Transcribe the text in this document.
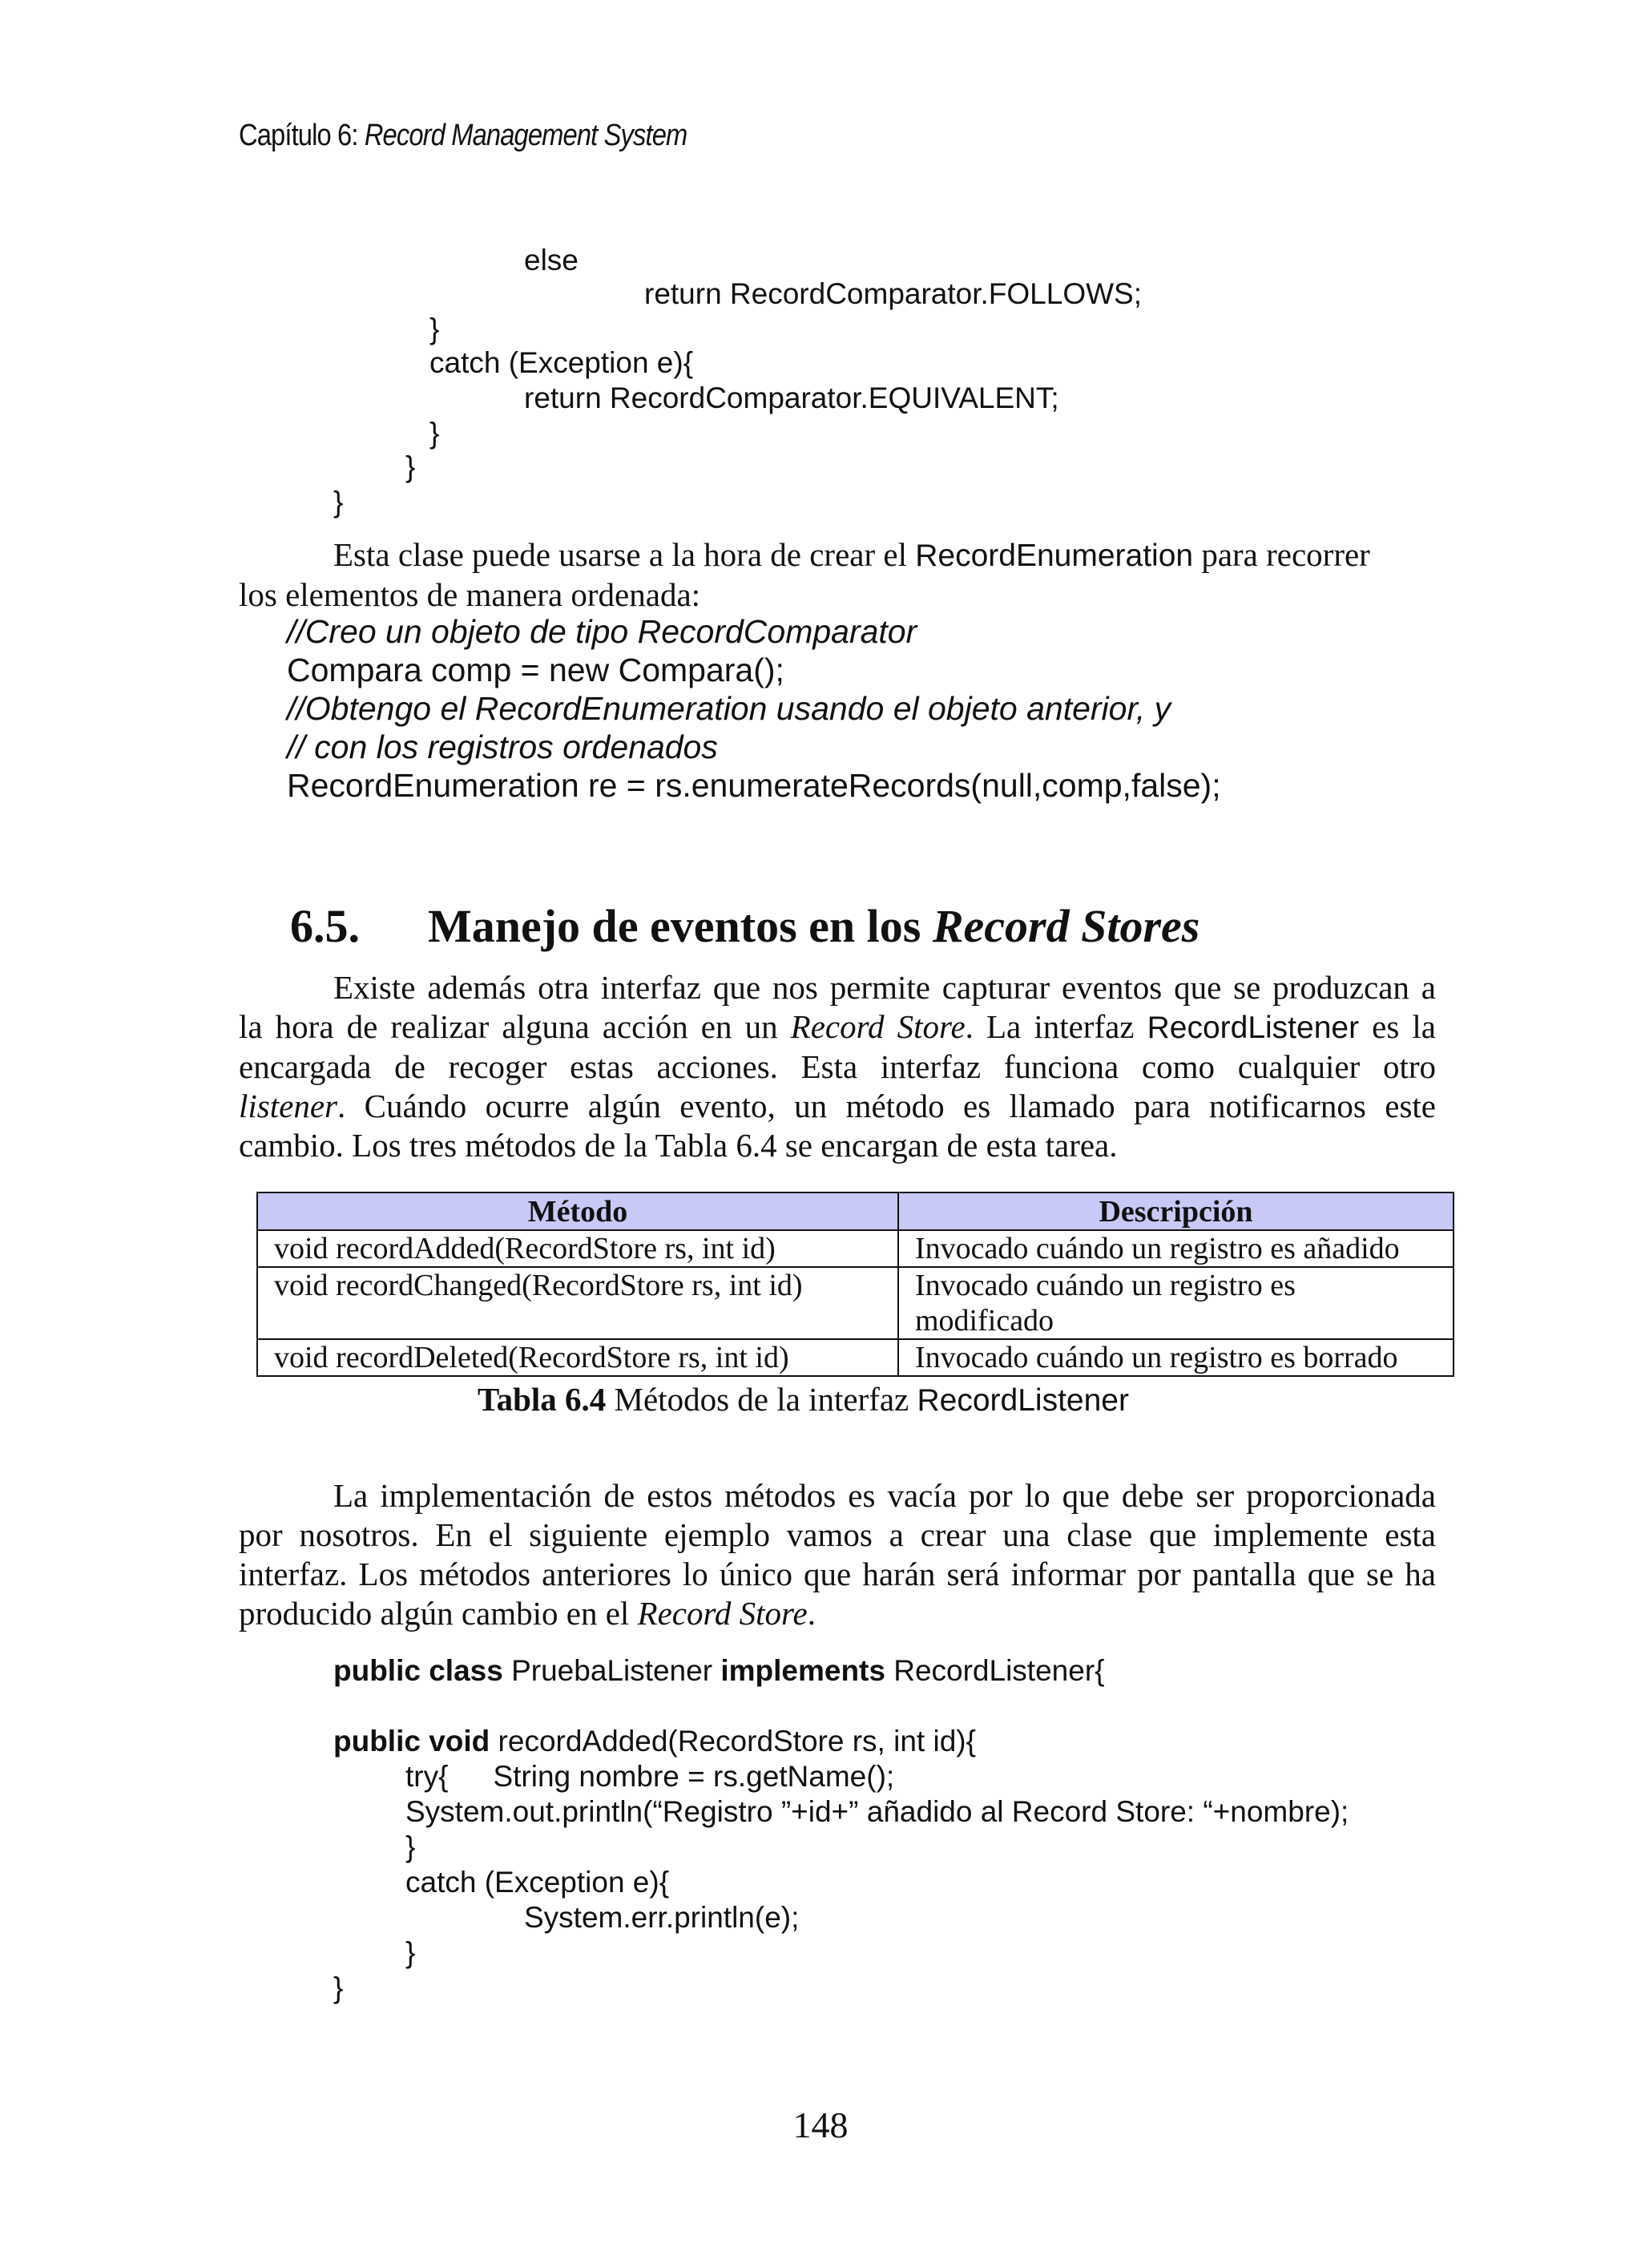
Capítulo 6: Record Management System
else
return RecordComparator.FOLLOWS;
}
catch (Exception e){
return RecordComparator.EQUIVALENT;
}
}
}
Esta clase puede usarse a la hora de crear el RecordEnumeration para recorrer
los elementos de manera ordenada:
//Creo un objeto de tipo RecordComparator
Compara comp = new Compara();
//Obtengo el RecordEnumeration usando el objeto anterior, y
// con los registros ordenados
RecordEnumeration re = rs.enumerateRecords(null,comp,false);
6.5. Manejo de eventos en los Record Stores
Existe además otra interfaz que nos permite capturar eventos que se produzcan a
la hora de realizar alguna acción en un Record Store. La interfaz RecordListener es la
encargada de recoger estas acciones. Esta interfaz funciona como cualquier otro
listener. Cuándo ocurre algún evento, un método es llamado para notificarnos este
cambio. Los tres métodos de la Tabla 6.4 se encargan de esta tarea.
Método	Descripción
void recordAdded(RecordStore rs, int id)	Invocado cuándo un registro es añadido
void recordChanged(RecordStore rs, int id)	Invocado cuándo un registro es modificado
void recordDeleted(RecordStore rs, int id)	Invocado cuándo un registro es borrado
Tabla 6.4 Métodos de la interfaz RecordListener
La implementación de estos métodos es vacía por lo que debe ser proporcionada
por nosotros. En el siguiente ejemplo vamos a crear una clase que implemente esta
interfaz. Los métodos anteriores lo único que harán será informar por pantalla que se ha
producido algún cambio en el Record Store.
public class PruebaListener implements RecordListener{
public void recordAdded(RecordStore rs, int id){
try{ String nombre = rs.getName();
System.out.println(“Registro ”+id+” añadido al Record Store: “+nombre);
}
catch (Exception e){
System.err.println(e);
}
}
148
